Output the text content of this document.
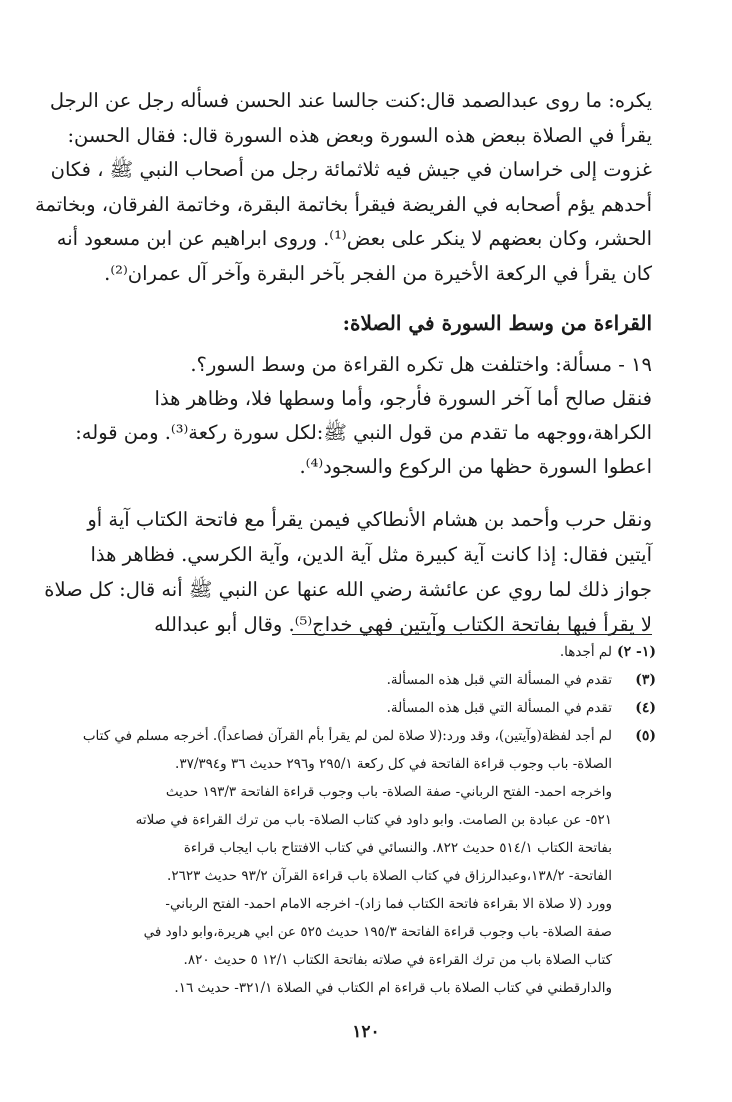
يكره: ما روى عبدالصمد قال:كنت جالسا عند الحسن فسأله رجل عن الرجل
يقرأ في الصلاة ببعض هذه السورة وبعض هذه السورة قال: فقال الحسن:
غزوت إلى خراسان في جيش فيه ثلاثمائة رجل من أصحاب النبي ﷺ ، فكان
أحدهم يؤم أصحابه في الفريضة فيقرأ بخاتمة البقرة، وخاتمة الفرقان، وبخاتمة
الحشر، وكان بعضهم لا ينكر على بعض⁽¹⁾. وروى ابراهيم عن ابن مسعود أنه
كان يقرأ في الركعة الأخيرة من الفجر بآخر البقرة وآخر آل عمران⁽²⁾.
القراءة من وسط السورة في الصلاة:
١٩ - مسألة: واختلفت هل تكره القراءة من وسط السور؟.
فنقل صالح أما آخر السورة فأرجو، وأما وسطها فلا، وظاهر هذا
الكراهة،ووجهه ما تقدم من قول النبي ﷺ:لكل سورة ركعة⁽³⁾. ومن قوله:
اعطوا السورة حظها من الركوع والسجود⁽⁴⁾.
ونقل حرب وأحمد بن هشام الأنطاكي فيمن يقرأ مع فاتحة الكتاب آية أو
آيتين فقال: إذا كانت آية كبيرة مثل آية الدين، وآية الكرسي. فظاهر هذا
جواز ذلك لما روي عن عائشة رضي الله عنها عن النبي ﷺ أنه قال: كل صلاة
لا يقرأ فيها بفاتحة الكتاب وآيتين فهي خداج⁽⁵⁾. وقال أبو عبدالله
(١- ٢)
لم أجدها.
(٣)
تقدم في المسألة التي قبل هذه المسألة.
(٤)
تقدم في المسألة التي قبل هذه المسألة.
(٥)
لم أجد لفظة(وآيتين)، وقد ورد:(لا صلاة لمن لم يقرأ بأم القرآن فصاعداً). أخرجه مسلم في كتاب
الصلاة- باب وجوب قراءة الفاتحة في كل ركعة ٢٩٥/١ و٢٩٦ حديث ٣٦ و٣٧/٣٩٤.
واخرجه احمد- الفتح الرباني- صفة الصلاة- باب وجوب قراءة الفاتحة ١٩٣/٣ حديث
٥٢١- عن عبادة بن الصامت. وابو داود في كتاب الصلاة- باب من ترك القراءة في صلاته
بفاتحة الكتاب ٥١٤/١ حديث ٨٢٢. والنسائي في كتاب الافتتاح باب ايجاب قراءة
الفاتحة- ١٣٨/٢،وعبدالرزاق في كتاب الصلاة باب قراءة القرآن ٩٣/٢ حديث ٢٦٢٣.
وورد (لا صلاة الا بقراءة فاتحة الكتاب فما زاد)- اخرجه الامام احمد- الفتح الرباني-
صفة الصلاة- باب وجوب قراءة الفاتحة ١٩٥/٣ حديث ٥٢٥ عن ابي هريرة،وابو داود في
كتاب الصلاة باب من ترك القراءة في صلاته بفاتحة الكتاب ١٢/١ ٥ حديث ٨٢٠.
والدارقطني في كتاب الصلاة باب قراءة ام الكتاب في الصلاة ٣٢١/١- حديث ١٦.
١٢٠
